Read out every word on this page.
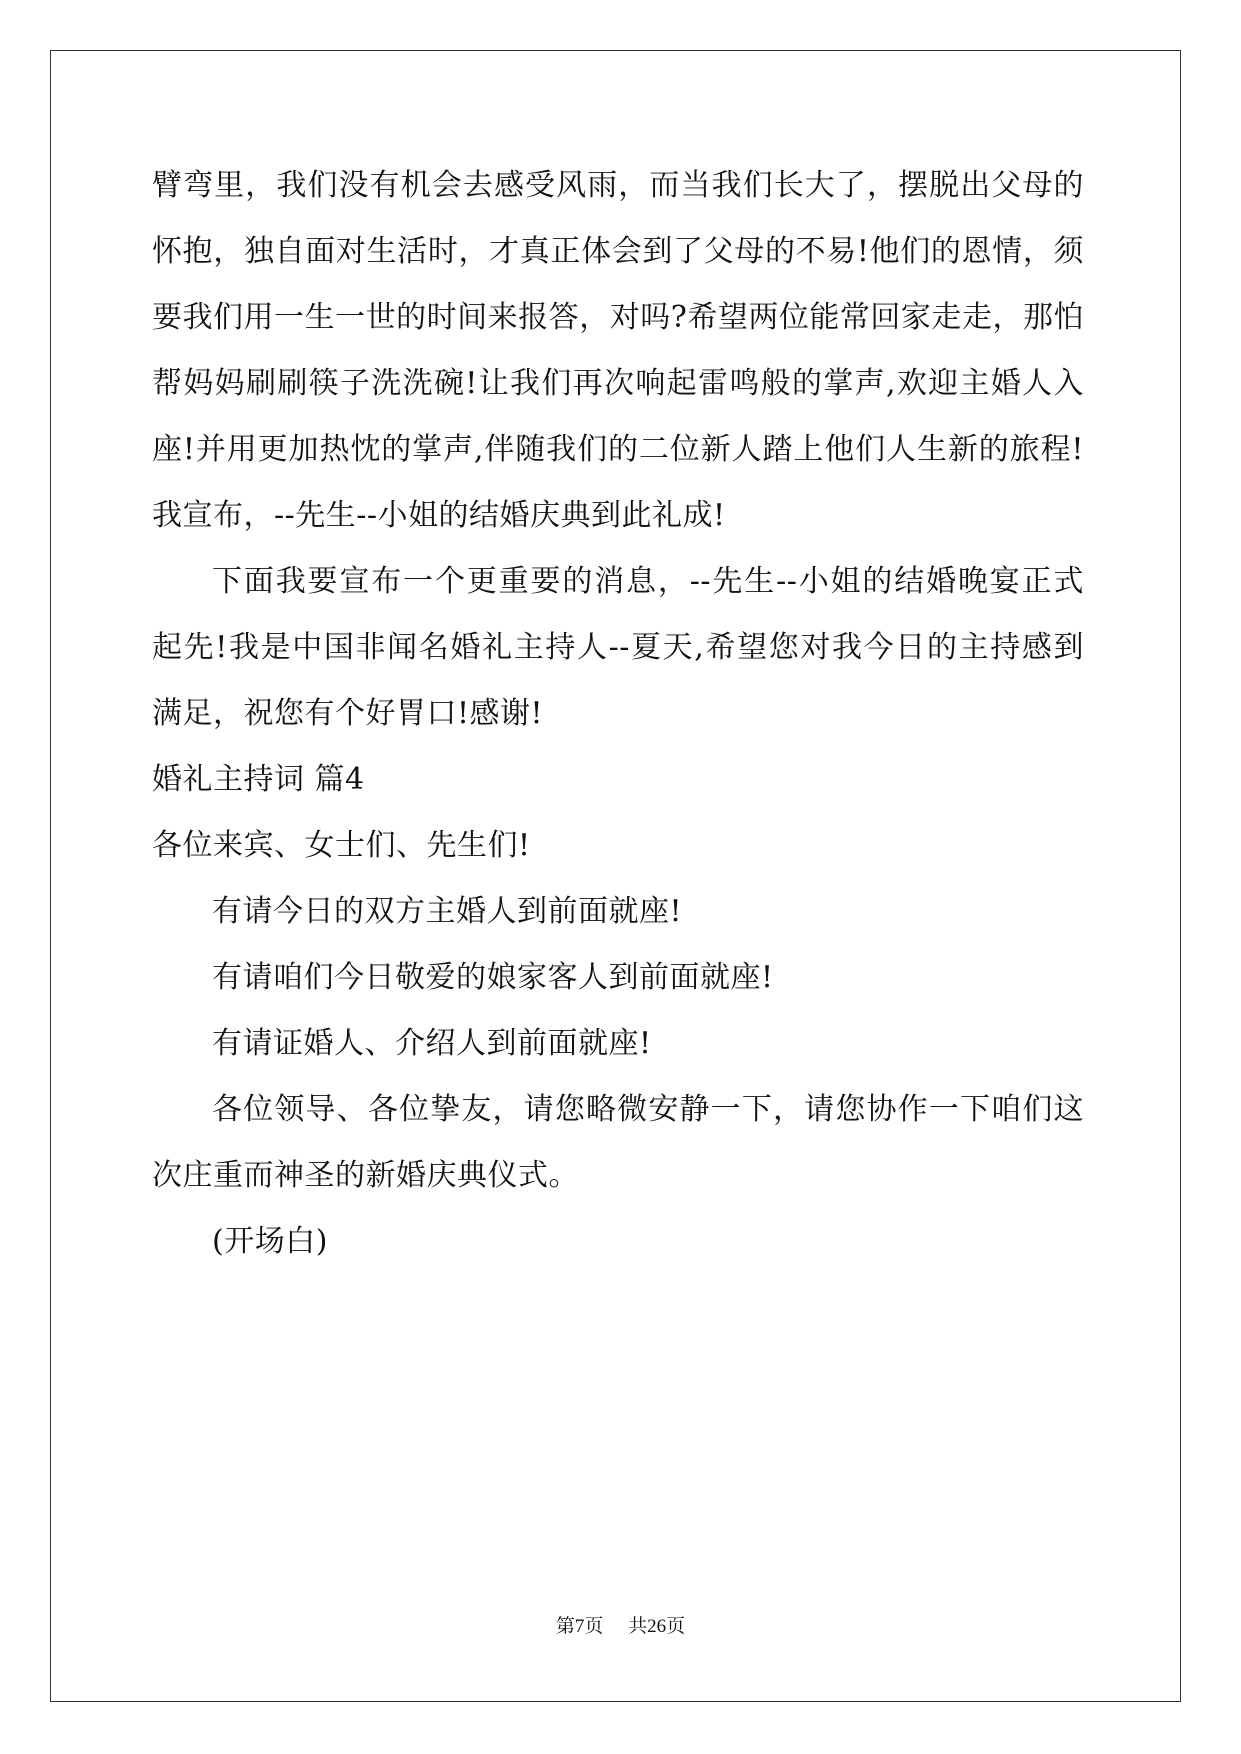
臂弯里，我们没有机会去感受风雨，而当我们长大了，摆脱出父母的
怀抱，独自面对生活时，才真正体会到了父母的不易!他们的恩情，须
要我们用一生一世的时间来报答，对吗?希望两位能常回家走走，那怕
帮妈妈刷刷筷子洗洗碗!让我们再次响起雷鸣般的掌声,欢迎主婚人入
座!并用更加热忱的掌声,伴随我们的二位新人踏上他们人生新的旅程!
我宣布，--先生--小姐的结婚庆典到此礼成!
下面我要宣布一个更重要的消息，--先生--小姐的结婚晚宴正式
起先!我是中国非闻名婚礼主持人--夏天,希望您对我今日的主持感到
满足，祝您有个好胃口!感谢!
婚礼主持词 篇4
各位来宾、女士们、先生们!
有请今日的双方主婚人到前面就座!
有请咱们今日敬爱的娘家客人到前面就座!
有请证婚人、介绍人到前面就座!
各位领导、各位挚友，请您略微安静一下，请您协作一下咱们这
次庄重而神圣的新婚庆典仪式。
(开场白)
第7页 共26页
